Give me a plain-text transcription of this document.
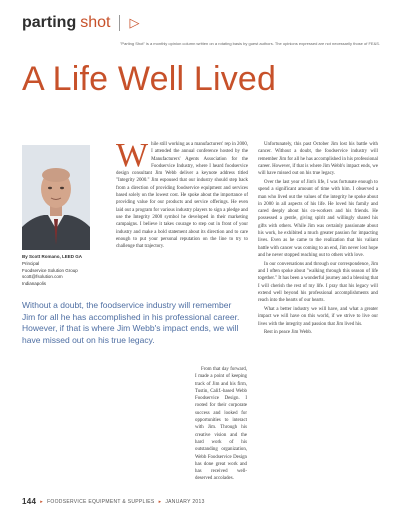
parting shot ▷
"Parting Shot" is a monthly opinion column written on a rotating basis by guest authors. The opinions expressed are not necessarily those of FE&S.
A Life Well Lived
By Scott Romano, LEED GA
Principal
Foodservice Solution Group
scott@fsolution.com
Indianapolis
W hile still working as a manufacturers' rep in 2000, I attended the annual conference hosted by the Manufacturers' Agents Association for the Foodservice Industry, where I heard foodservice design consultant Jim Webb deliver a keynote address titled "Integrity 2000." Jim espoused that our industry should step back from a direction of providing foodservice equipment and services based solely on the lowest cost. He spoke about the importance of providing value for our products and service offerings. He even laid out a program for various industry players to sign a pledge and use the Integrity 2000 symbol he developed in their marketing campaigns. I believe it takes courage to step out in front of your industry and make a bold statement about its direction and to care enough to put your personal reputation on the line to try to challenge that trajectory.

Without a doubt, the foodservice industry will remember Jim for all he has accomplished in his professional career. However, if that is where Jim Webb's impact ends, we will have missed out on his true legacy.

From that day forward, I made a point of keeping track of Jim and his firm, Tustin, Calif.-based Webb Foodservice Design. I rooted for their corporate success and looked for opportunities to interact with Jim. Through his creative vision and the hard work of his outstanding organization, Webb Foodservice Design has done great work and has received well-deserved accolades.

Unfortunately, this past October Jim lost his battle with cancer. Without a doubt, the foodservice industry will remember Jim for all he has accomplished in his professional career. However, if that is where Jim Webb's impact ends, we will have missed out on his true legacy.

Over the last year of Jim's life, I was fortunate enough to spend a significant amount of time with him. I observed a man who lived out the values of the integrity he spoke about in 2000 in all aspects of his life. He loved his family and cared deeply about his co-workers and his friends. He possessed a gentle, giving spirit and willingly shared his gifts with others. While Jim was certainly passionate about his work, he exhibited a much greater passion for impacting lives. Even as he came to the realization that his valiant battle with cancer was coming to an end, Jim never lost hope and he never stopped reaching out to others with love.

In our conversations and through our correspondence, Jim and I often spoke about "walking through this season of life together." It has been a wonderful journey and a blessing that I will cherish the rest of my life. I pray that his legacy will extend well beyond his professional accomplishments and reach into the hearts of our hearts.

What a better industry we will have, and what a greater impact we will have on this world, if we strive to live our lives with the integrity and passion that Jim lived his.

Rest in peace Jim Webb.

144 ▸ FOODSERVICE EQUIPMENT & SUPPLIES ▸ JANUARY 2013
